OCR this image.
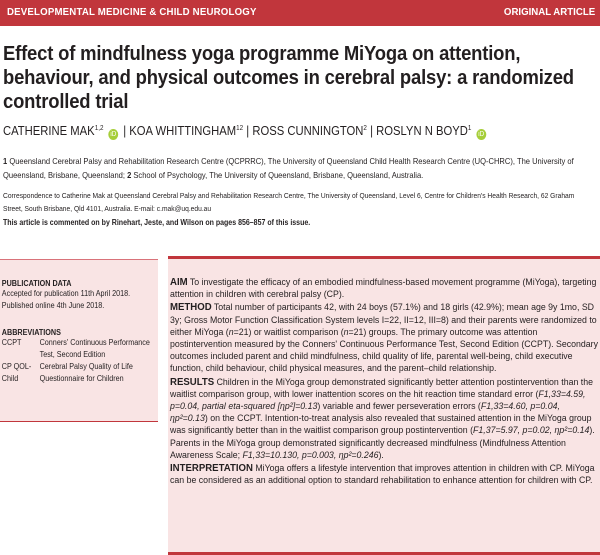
DEVELOPMENTAL MEDICINE & CHILD NEUROLOGY	ORIGINAL ARTICLE
Effect of mindfulness yoga programme MiYoga on attention,
behaviour, and physical outcomes in cerebral palsy: a randomized
controlled trial
CATHERINE MAK$^{1,2}$ iD | KOA WHITTINGHAM$^{12}$ | ROSS CUNNINGTON$^2$ | ROSLYN N BOYD$^1$ iD
1 Queensland Cerebral Palsy and Rehabilitation Research Centre (QCPRRC), The University of Queensland Child Health Research Centre (UQ-CHRC), The University of Queensland, Brisbane, Queensland; 2 School of Psychology, The University of Queensland, Brisbane, Queensland, Australia.
Correspondence to Catherine Mak at Queensland Cerebral Palsy and Rehabilitation Research Centre, The University of Queensland, Level 6, Centre for Children's Health Research, 62 Graham Street, South Brisbane, Qld 4101, Australia. E-mail: c.mak@uq.edu.au
This article is commented on by Rinehart, Jeste, and Wilson on pages 856–857 of this issue.
PUBLICATION DATA
Accepted for publication 11th April 2018.
Published online 4th June 2018.
ABBREVIATIONS
CCPT	Conners' Continuous Performance Test, Second Edition
CP QOL-Child
Cerebral Palsy Quality of Life Questionnaire for Children

AIM To investigate the efficacy of an embodied mindfulness-based movement programme (MiYoga), targeting attention in children with cerebral palsy (CP).

METHOD Total number of participants 42, with 24 boys (57.1%) and 18 girls (42.9%); mean age 9y 1mo, SD 3y; Gross Motor Function Classification System levels I=22, II=12, III=8) and their parents were randomized to either MiYoga (n=21) or waitlist comparison (n=21) groups. The primary outcome was attention postintervention measured by the Conners' Continuous Performance Test, Second Edition (CCPT). Secondary outcomes included parent and child mindfulness, child quality of life, parental well-being, child executive function, child behaviour, child physical measures, and the parent–child relationship.

RESULTS Children in the MiYoga group demonstrated significantly better attention postintervention than the waitlist comparison group, with lower inattention scores on the hit reaction time standard error (F1,33=4.59, p=0.04, partial eta-squared [ηp²]=0.13) variable and fewer perseveration errors (F1,33=4.60, p=0.04, ηp²=0.13) on the CCPT. Intention-to-treat analysis also revealed that sustained attention in the MiYoga group was significantly better than in the waitlist comparison group postintervention (F1,37=5.97, p=0.02, ηp²=0.14). Parents in the MiYoga group demonstrated significantly decreased mindfulness (Mindfulness Attention Awareness Scale; F1,33=10.130, p=0.003, ηp²=0.246).

INTERPRETATION MiYoga offers a lifestyle intervention that improves attention in children with CP. MiYoga can be considered as an additional option to standard rehabilitation to enhance attention for children with CP.
